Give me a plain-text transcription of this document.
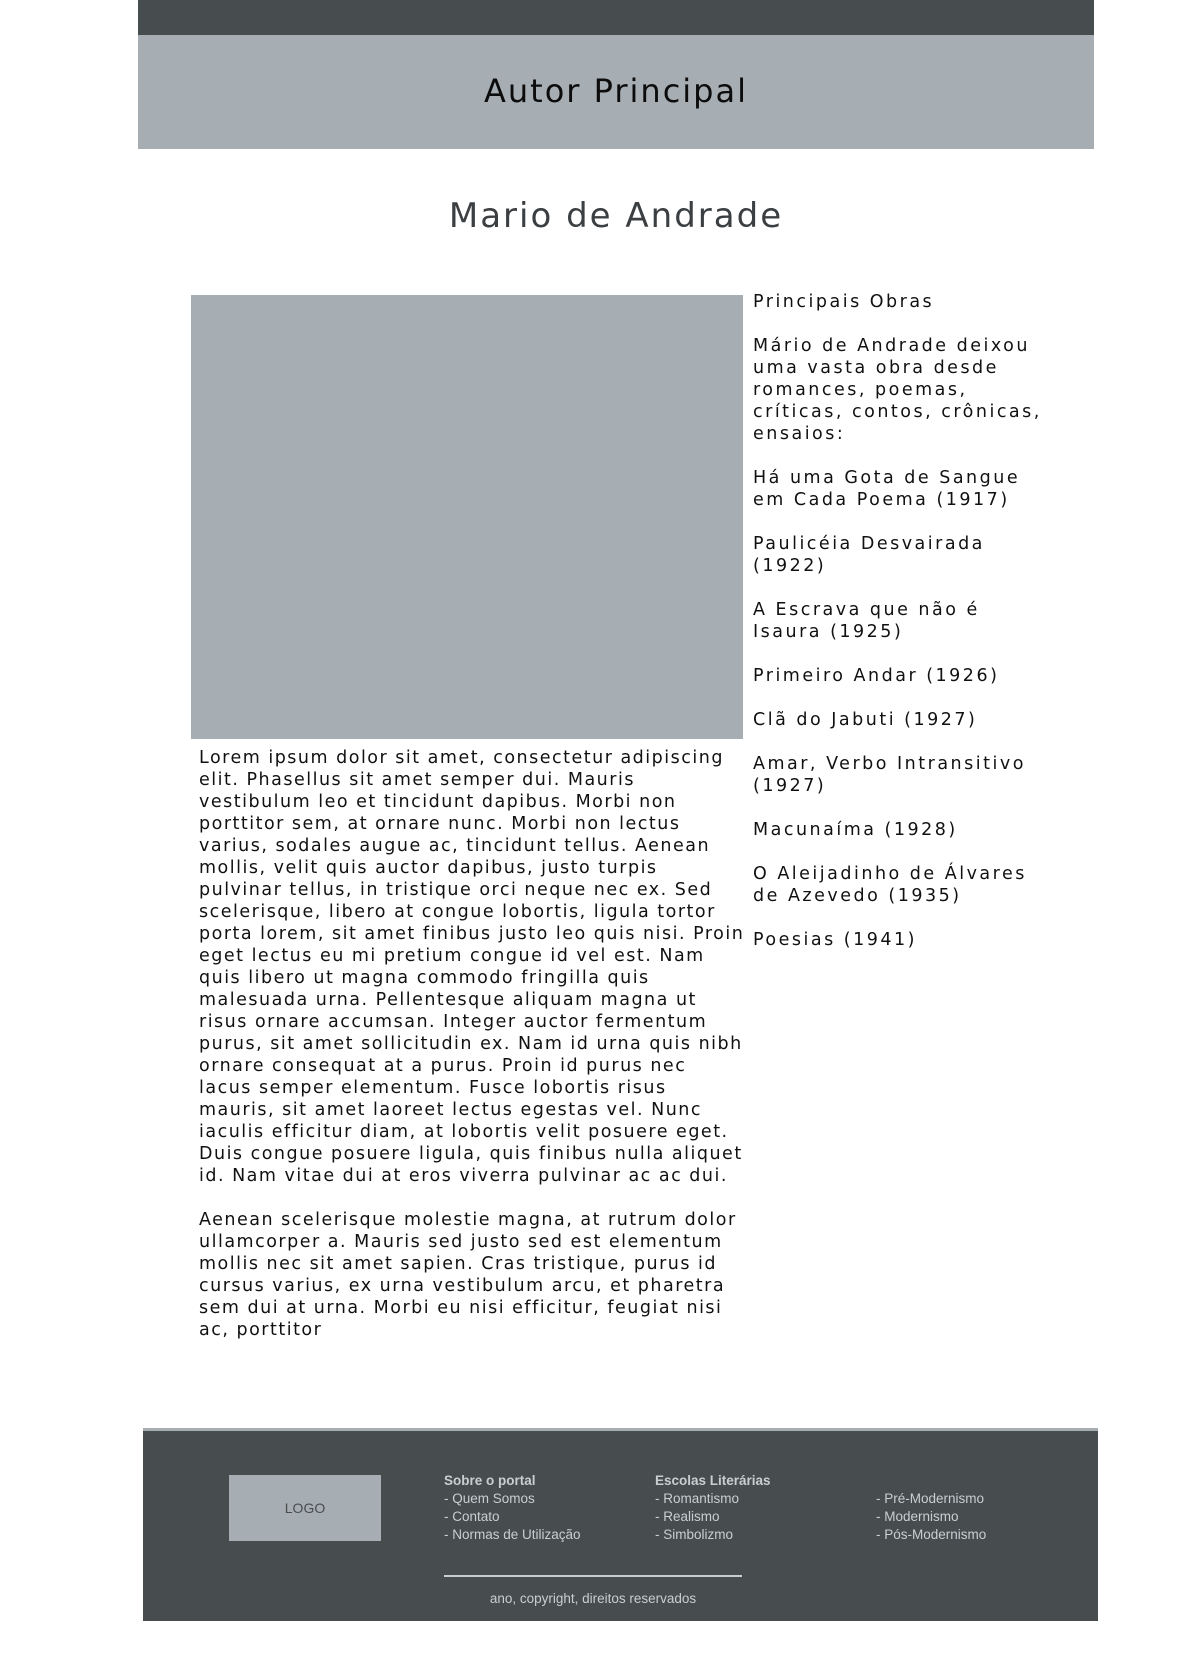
Autor Principal
Mario de Andrade

Lorem ipsum dolor sit amet, consectetur adipiscing elit. Phasellus sit amet semper dui. Mauris vestibulum leo et tincidunt dapibus. Morbi non porttitor sem, at ornare nunc. Morbi non lectus varius, sodales augue ac, tincidunt tellus. Aenean mollis, velit quis auctor dapibus, justo turpis pulvinar tellus, in tristique orci neque nec ex. Sed scelerisque, libero at congue lobortis, ligula tortor porta lorem, sit amet finibus justo leo quis nisi. Proin eget lectus eu mi pretium congue id vel est. Nam quis libero ut magna commodo fringilla quis malesuada urna. Pellentesque aliquam magna ut risus ornare accumsan. Integer auctor fermentum purus, sit amet sollicitudin ex. Nam id urna quis nibh ornare consequat at a purus. Proin id purus nec lacus semper elementum. Fusce lobortis risus mauris, sit amet laoreet lectus egestas vel. Nunc iaculis efficitur diam, at lobortis velit posuere eget. Duis congue posuere ligula, quis finibus nulla aliquet id. Nam vitae dui at eros viverra pulvinar ac ac dui.

Aenean scelerisque molestie magna, at rutrum dolor ullamcorper a. Mauris sed justo sed est elementum mollis nec sit amet sapien. Cras tristique, purus id cursus varius, ex urna vestibulum arcu, et pharetra sem dui at urna. Morbi eu nisi efficitur, feugiat nisi ac, porttitor

Principais Obras
Mário de Andrade deixou uma vasta obra desde romances, poemas, críticas, contos, crônicas, ensaios:
Há uma Gota de Sangue em Cada Poema (1917)
Paulicéia Desvairada (1922)
A Escrava que não é Isaura (1925)
Primeiro Andar (1926)
Clã do Jabuti (1927)
Amar, Verbo Intransitivo (1927)
Macunaíma (1928)
O Aleijadinho de Álvares de Azevedo (1935)
Poesias (1941)
LOGO
Sobre o portal
- Quem Somos
- Contato
- Normas de Utilização
Escolas Literárias
- Romantismo
- Realismo
- Simbolizmo
- Pré-Modernismo
- Modernismo
- Pós-Modernismo
ano, copyright, direitos reservados
